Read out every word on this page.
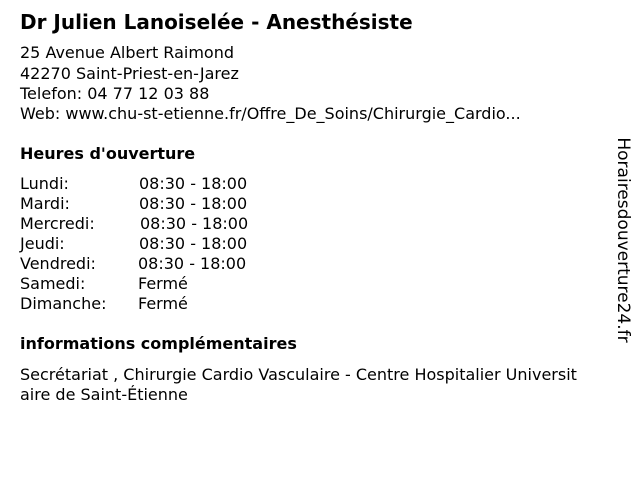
Dr Julien Lanoiselée - Anesthésiste
25 Avenue Albert Raimond
42270 Saint-Priest-en-Jarez
Telefon: 04 77 12 03 88
Web: www.chu-st-etienne.fr/Offre_De_Soins/Chirurgie_Cardio...
Heures d'ouverture
Lundi:	08:30 - 18:00
Mardi:	08:30 - 18:00
Mercredi:	08:30 - 18:00
Jeudi:	08:30 - 18:00
Vendredi:	08:30 - 18:00
Samedi:	Fermé
Dimanche: Fermé
informations complémentaires
Secrétariat , Chirurgie Cardio Vasculaire - Centre Hospitalier Universitaire de Saint-Étienne
Horairesdouverture24.fr
